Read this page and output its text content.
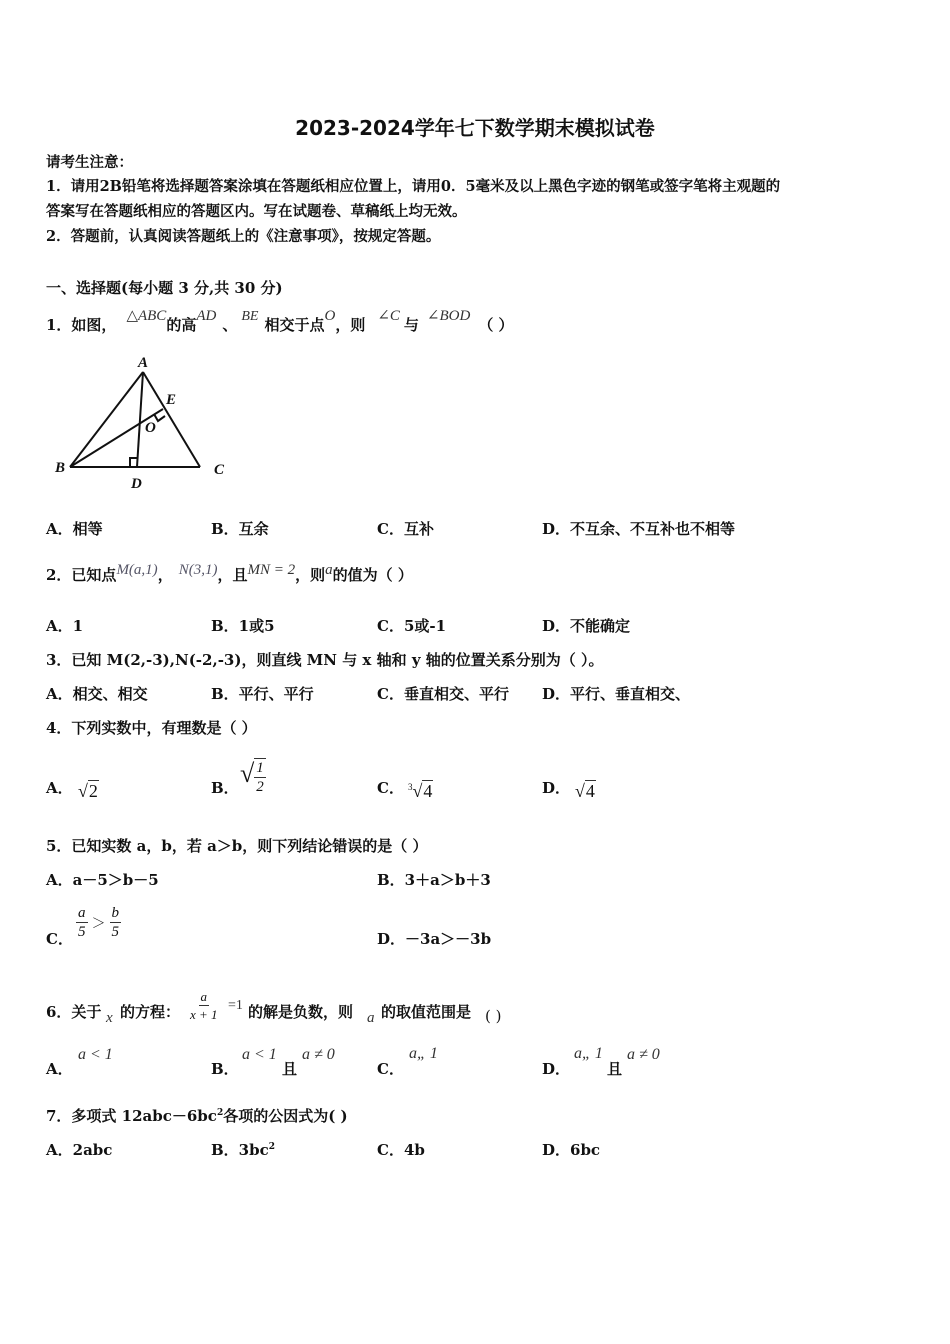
2023-2024学年七下数学期末模拟试卷
请考生注意：
1．请用2B铅笔将选择题答案涂填在答题纸相应位置上，请用0．5毫米及以上黑色字迹的钢笔或签字笔将主观题的
答案写在答题纸相应的答题区内。写在试题卷、草稿纸上均无效。
2．答题前，认真阅读答题纸上的《注意事项》，按规定答题。
一、选择题(每小题 3 分,共 30 分)
1．如图， △ABC的高AD 、 BE 相交于点O，则 ∠C 与 ∠BOD （ ）
A
B	C
D
E
O
A．相等	B．互余	C．互补	D．不互余、不互补也不相等
2．已知点M(a,1)， N(3,1)，且MN = 2，则a的值为（ ）
A．1	B．1或5	C．5或-1	D．不能确定
3．已知 M(2,-3),N(-2,-3)，则直线 MN 与 x 轴和 y 轴的位置关系分别为（ ）。
A．相交、相交	B．平行、平行	C．垂直相交、平行 D．平行、垂直相交、
4．下列实数中，有理数是（ ）
A． √2	B． √ $\frac{1}{2}$	C． $^3$√4	D． √4
5．已知实数 a，b，若 a＞b，则下列结论错误的是（ ）
A．a－5＞b－5	B．3＋a＞b＋3
C． $\frac{a}{5} > \frac{b}{5}$	D．－3a＞－3b
6．关于 x 的方程： $\frac{a}{x + 1} =1$ 的解是负数，则 a 的取值范围是 ( )
A．
a < 1
B．
a < 1
且
a ≠ 0
C．
a„ 1
D．
a„ 1
且
a ≠ 0
7．多项式 $12abc-6bc^2$各项的公因式为( )
A．2abc	B．$3bc^2$	C．4b	D．6bc
